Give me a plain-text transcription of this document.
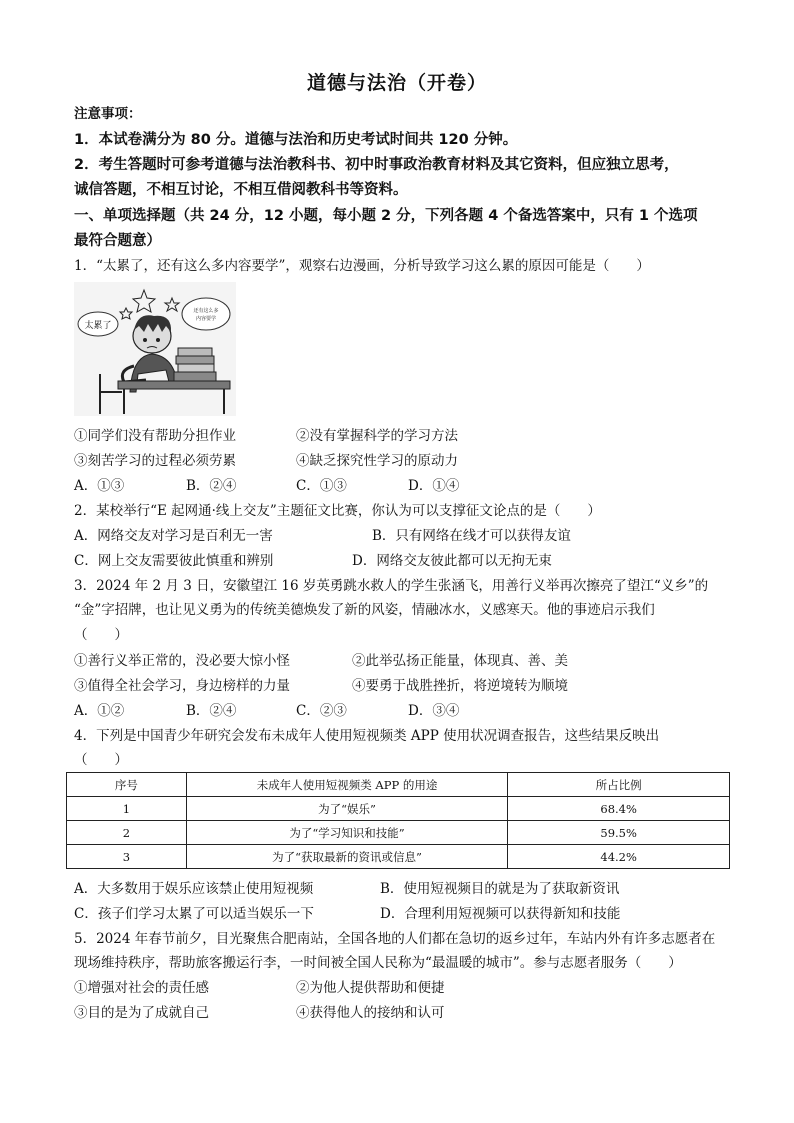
道德与法治（开卷）
注意事项：
1．本试卷满分为 80 分。道德与法治和历史考试时间共 120 分钟。
2．考生答题时可参考道德与法治教科书、初中时事政治教育材料及其它资料，但应独立思考，
诚信答题，不相互讨论，不相互借阅教科书等资料。
一、单项选择题（共 24 分，12 小题，每小题 2 分，下列各题 4 个备选答案中，只有 1 个选项
最符合题意）
1．“太累了，还有这么多内容要学”，观察右边漫画，分析导致学习这么累的原因可能是（　　）
太累了
还有这么多
内容要学
①同学们没有帮助分担作业	②没有掌握科学的学习方法
③刻苦学习的过程必须劳累	④缺乏探究性学习的原动力
A．①③	B．②④	C．①③	D．①④
2．某校举行“E 起网通·线上交友”主题征文比赛，你认为可以支撑征文论点的是（　　）
A．网络交友对学习是百利无一害	B．只有网络在线才可以获得友谊
C．网上交友需要彼此慎重和辨别	D．网络交友彼此都可以无拘无束
3．2024 年 2 月 3 日，安徽望江 16 岁英勇跳水救人的学生张涵飞，用善行义举再次擦亮了望江“义乡”的
“金”字招牌，也让见义勇为的传统美德焕发了新的风姿，情融冰水，义感寒天。他的事迹启示我们
（　　）
①善行义举正常的，没必要大惊小怪	②此举弘扬正能量，体现真、善、美
③值得全社会学习，身边榜样的力量	④要勇于战胜挫折，将逆境转为顺境
A．①②	B．②④	C．②③	D．③④
4．下列是中国青少年研究会发布未成年人使用短视频类 APP 使用状况调查报告，这些结果反映出
（　　）
序号	未成年人使用短视频类 APP 的用途	所占比例
1	为了“娱乐”	68.4%
2	为了“学习知识和技能”	59.5%
3	为了“获取最新的资讯或信息”	44.2%
A．大多数用于娱乐应该禁止使用短视频	B．使用短视频目的就是为了获取新资讯
C．孩子们学习太累了可以适当娱乐一下	D．合理利用短视频可以获得新知和技能
5．2024 年春节前夕，目光聚焦合肥南站，全国各地的人们都在急切的返乡过年，车站内外有许多志愿者在
现场维持秩序，帮助旅客搬运行李，一时间被全国人民称为“最温暖的城市”。参与志愿者服务（　　）
①增强对社会的责任感	②为他人提供帮助和便捷
③目的是为了成就自己	④获得他人的接纳和认可
